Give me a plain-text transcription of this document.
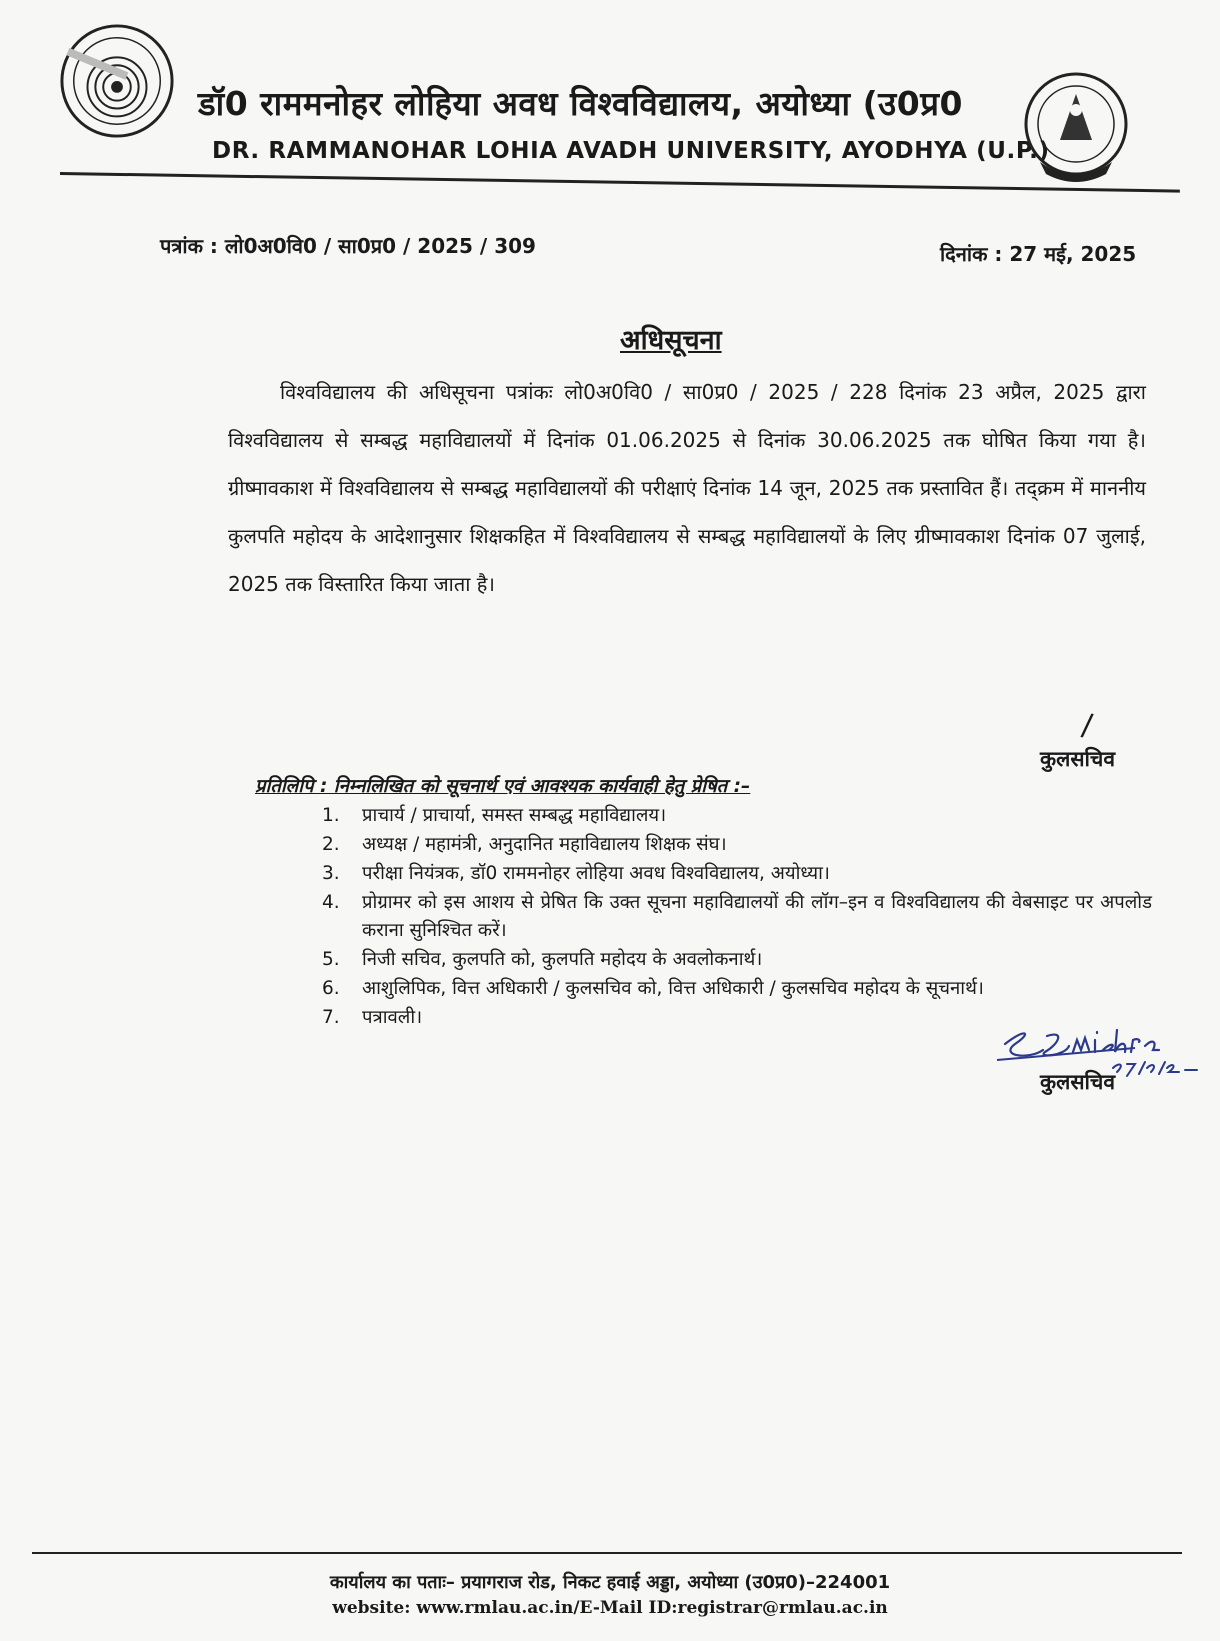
डॉ0 राममनोहर लोहिया अवध विश्वविद्यालय, अयोध्या (उ0प्र0
DR. RAMMANOHAR LOHIA AVADH UNIVERSITY, AYODHYA (U.P.)
पत्रांक : लो0अ0वि0 / सा0प्र0 / 2025 / 309	दिनांक : 27 मई, 2025
अधिसूचना
विश्वविद्यालय की अधिसूचना पत्रांकः लो0अ0वि0 / सा0प्र0 / 2025 / 228 दिनांक 23 अप्रैल, 2025 द्वारा विश्वविद्यालय से सम्बद्ध महाविद्यालयों में दिनांक 01.06.2025 से दिनांक 30.06.2025 तक घोषित किया गया है। ग्रीष्मावकाश में विश्वविद्यालय से सम्बद्ध महाविद्यालयों की परीक्षाएं दिनांक 14 जून, 2025 तक प्रस्तावित हैं। तद्क्रम में माननीय कुलपति महोदय के आदेशानुसार शिक्षकहित में विश्वविद्यालय से सम्बद्ध महाविद्यालयों के लिए ग्रीष्मावकाश दिनांक 07 जुलाई, 2025 तक विस्तारित किया जाता है।
/
कुलसचिव
प्रतिलिपि : निम्नलिखित को सूचनार्थ एवं आवश्यक कार्यवाही हेतु प्रेषित :–
1.	प्राचार्य / प्राचार्या, समस्त सम्बद्ध महाविद्यालय।
2.	अध्यक्ष / महामंत्री, अनुदानित महाविद्यालय शिक्षक संघ।
3.	परीक्षा नियंत्रक, डॉ0 राममनोहर लोहिया अवध विश्वविद्यालय, अयोध्या।
4.	प्रोग्रामर को इस आशय से प्रेषित कि उक्त सूचना महाविद्यालयों की लॉग–इन व विश्वविद्यालय की वेबसाइट पर अपलोड कराना सुनिश्चित करें।
5.	निजी सचिव, कुलपति को, कुलपति महोदय के अवलोकनार्थ।
6.	आशुलिपिक, वित्त अधिकारी / कुलसचिव को, वित्त अधिकारी / कुलसचिव महोदय के सूचनार्थ।
7.	पत्रावली।
कुलसचिव
कार्यालय का पताः– प्रयागराज रोड, निकट हवाई अड्डा, अयोध्या (उ0प्र0)–224001
website: www.rmlau.ac.in/E-Mail ID:registrar@rmlau.ac.in
